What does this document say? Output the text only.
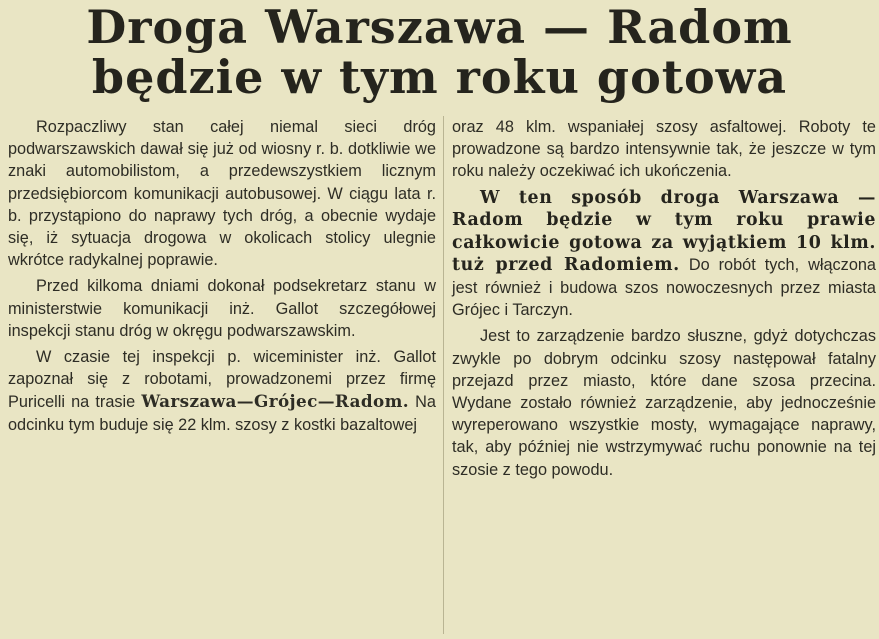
Droga Warszawa — Radom
będzie w tym roku gotowa

Rozpaczliwy stan całej niemal sieci dróg podwarszawskich dawał się już od wiosny r. b. dotkliwie we znaki automobilistom, a przedewszystkiem licznym przedsiębiorcom komunikacji autobusowej. W ciągu lata r. b. przystąpiono do naprawy tych dróg, a obecnie wydaje się, iż sytuacja drogowa w okolicach stolicy ulegnie wkrótce radykalnej poprawie.

Przed kilkoma dniami dokonał podsekretarz stanu w ministerstwie komunikacji inż. Gallot szczegółowej inspekcji stanu dróg w okręgu podwarszawskim.

W czasie tej inspekcji p. wiceminister inż. Gallot zapoznał się z robotami, prowadzonemi przez firmę Puricelli na trasie Warszawa—Grójec—Radom. Na odcinku tym buduje się 22 klm. szosy z kostki bazaltowej

oraz 48 klm. wspaniałej szosy asfaltowej. Roboty te prowadzone są bardzo intensywnie tak, że jeszcze w tym roku należy oczekiwać ich ukończenia.

W ten sposób droga Warszawa — Radom będzie w tym roku prawie całkowicie gotowa za wyjątkiem 10 klm. tuż przed Radomiem. Do robót tych, włączona jest również i budowa szos nowoczesnych przez miasta Grójec i Tarczyn.

Jest to zarządzenie bardzo słuszne, gdyż dotychczas zwykle po dobrym odcinku szosy następował fatalny przejazd przez miasto, które dane szosa przecina. Wydane zostało również zarządzenie, aby jednocześnie wyreperowano wszystkie mosty, wymagające naprawy, tak, aby później nie wstrzymywać ruchu ponownie na tej szosie z tego powodu.
